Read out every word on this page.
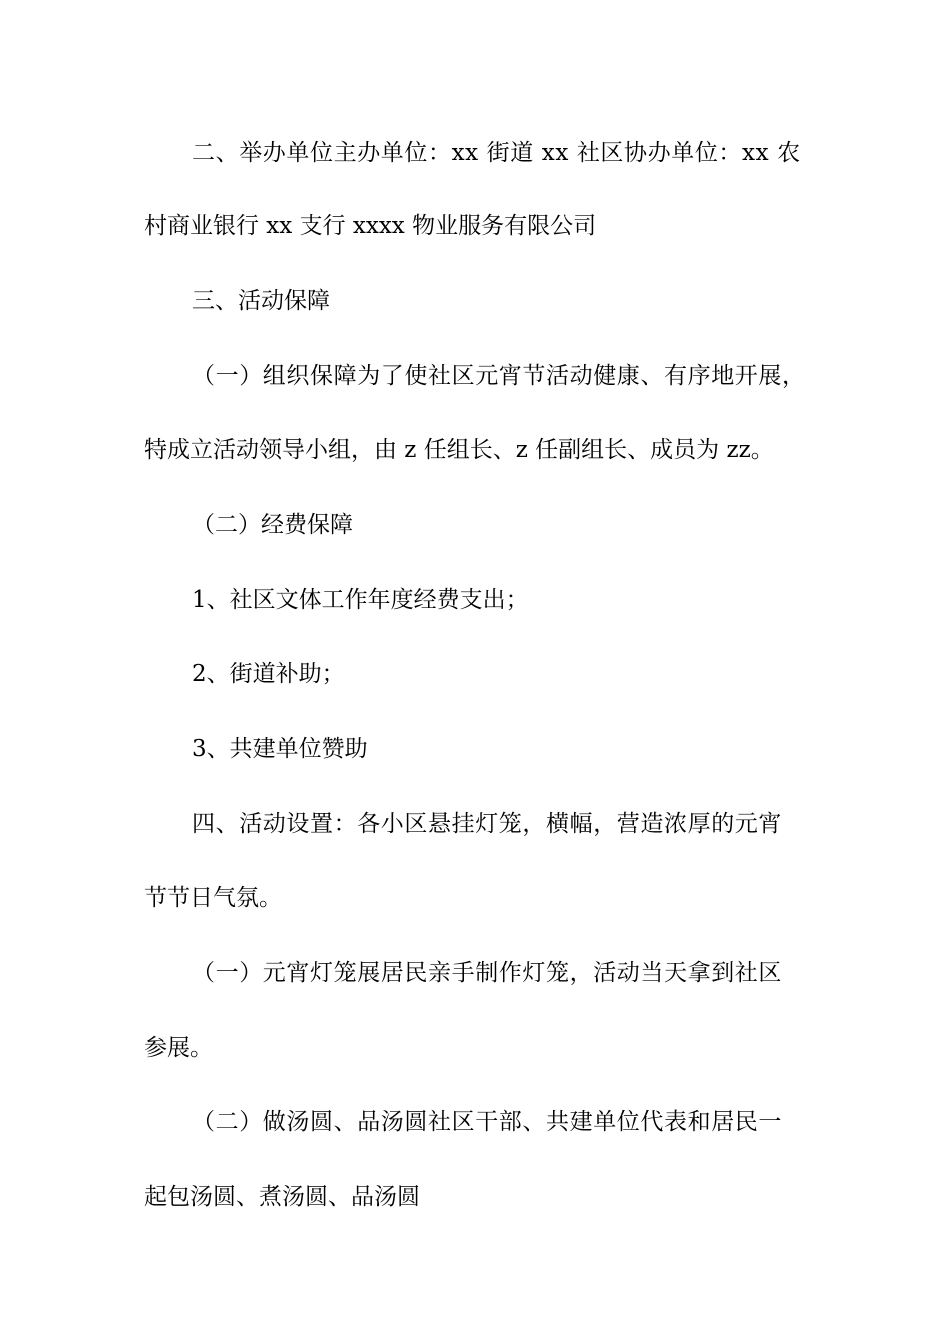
二、举办单位主办单位：xx 街道 xx 社区协办单位：xx 农
村商业银行 xx 支行 xxxx 物业服务有限公司
三、活动保障
（一）组织保障为了使社区元宵节活动健康、有序地开展，
特成立活动领导小组，由 z 任组长、z 任副组长、成员为 zz。
（二）经费保障
1、社区文体工作年度经费支出；
2、街道补助；
3、共建单位赞助
四、活动设置：各小区悬挂灯笼，横幅，营造浓厚的元宵
节节日气氛。
（一）元宵灯笼展居民亲手制作灯笼，活动当天拿到社区
参展。
（二）做汤圆、品汤圆社区干部、共建单位代表和居民一
起包汤圆、煮汤圆、品汤圆
